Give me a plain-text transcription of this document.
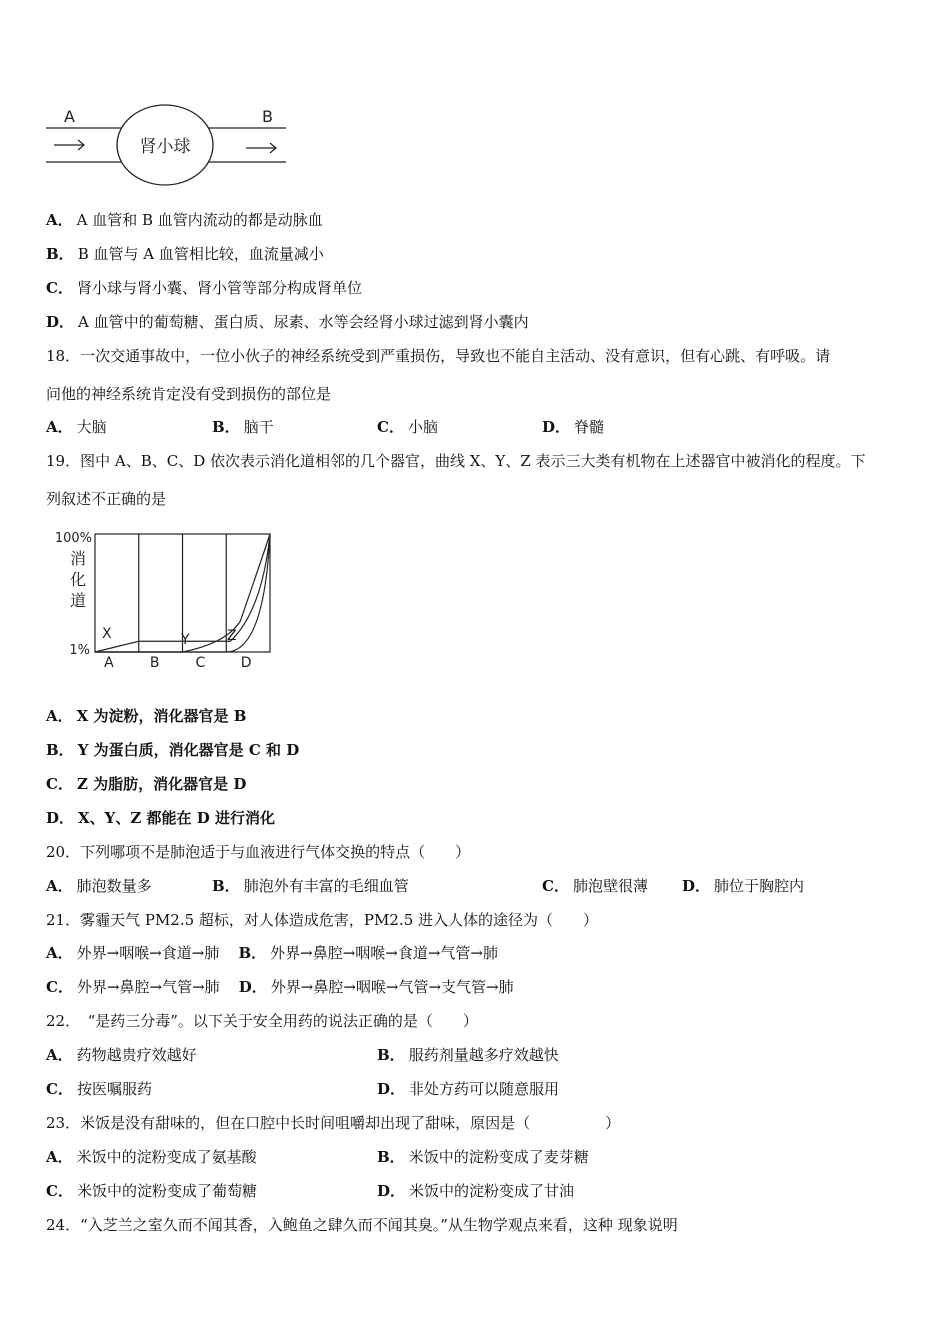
A	B
肾小球
A． A 血管和 B 血管内流动的都是动脉血
B． B 血管与 A 血管相比较，血流量减小
C． 肾小球与肾小囊、肾小管等部分构成肾单位
D． A 血管中的葡萄糖、蛋白质、尿素、水等会经肾小球过滤到肾小囊内
18．一次交通事故中，一位小伙子的神经系统受到严重损伤，导致也不能自主活动、没有意识，但有心跳、有呼吸。请
问他的神经系统肯定没有受到损伤的部位是
A． 大脑	B． 脑干	C． 小脑	D． 脊髓
19．图中 A、B、C、D 依次表示消化道相邻的几个器官，曲线 X、Y、Z 表示三大类有机物在上述器官中被消化的程度。下
列叙述不正确的是
100%
1%
消
化
道
A	B	C	D
X	Y	Z
A． X 为淀粉，消化器官是 B
B． Y 为蛋白质，消化器官是 C 和 D
C． Z 为脂肪，消化器官是 D
D． X、Y、Z 都能在 D 进行消化
20．下列哪项不是肺泡适于与血液进行气体交换的特点（　　）
A． 肺泡数量多	B． 肺泡外有丰富的毛细血管	C． 肺泡壁很薄 D． 肺位于胸腔内
21．雾霾天气 PM2.5 超标，对人体造成危害，PM2.5 进入人体的途径为（　　）
A． 外界→咽喉→食道→肺 B． 外界→鼻腔→咽喉→食道→气管→肺
C． 外界→鼻腔→气管→肺 D． 外界→鼻腔→咽喉→气管→支气管→肺
22．　“是药三分毒”。以下关于安全用药的说法正确的是（　　）
A． 药物越贵疗效越好	B． 服药剂量越多疗效越快
C． 按医嘱服药	D． 非处方药可以随意服用
23．米饭是没有甜味的，但在口腔中长时间咀嚼却出现了甜味，原因是（　　　　　）
A． 米饭中的淀粉变成了氨基酸	B． 米饭中的淀粉变成了麦芽糖
C． 米饭中的淀粉变成了葡萄糖	D． 米饭中的淀粉变成了甘油
24．“入芝兰之室久而不闻其香，入鲍鱼之肆久而不闻其臭。”从生物学观点来看，这种 现象说明
